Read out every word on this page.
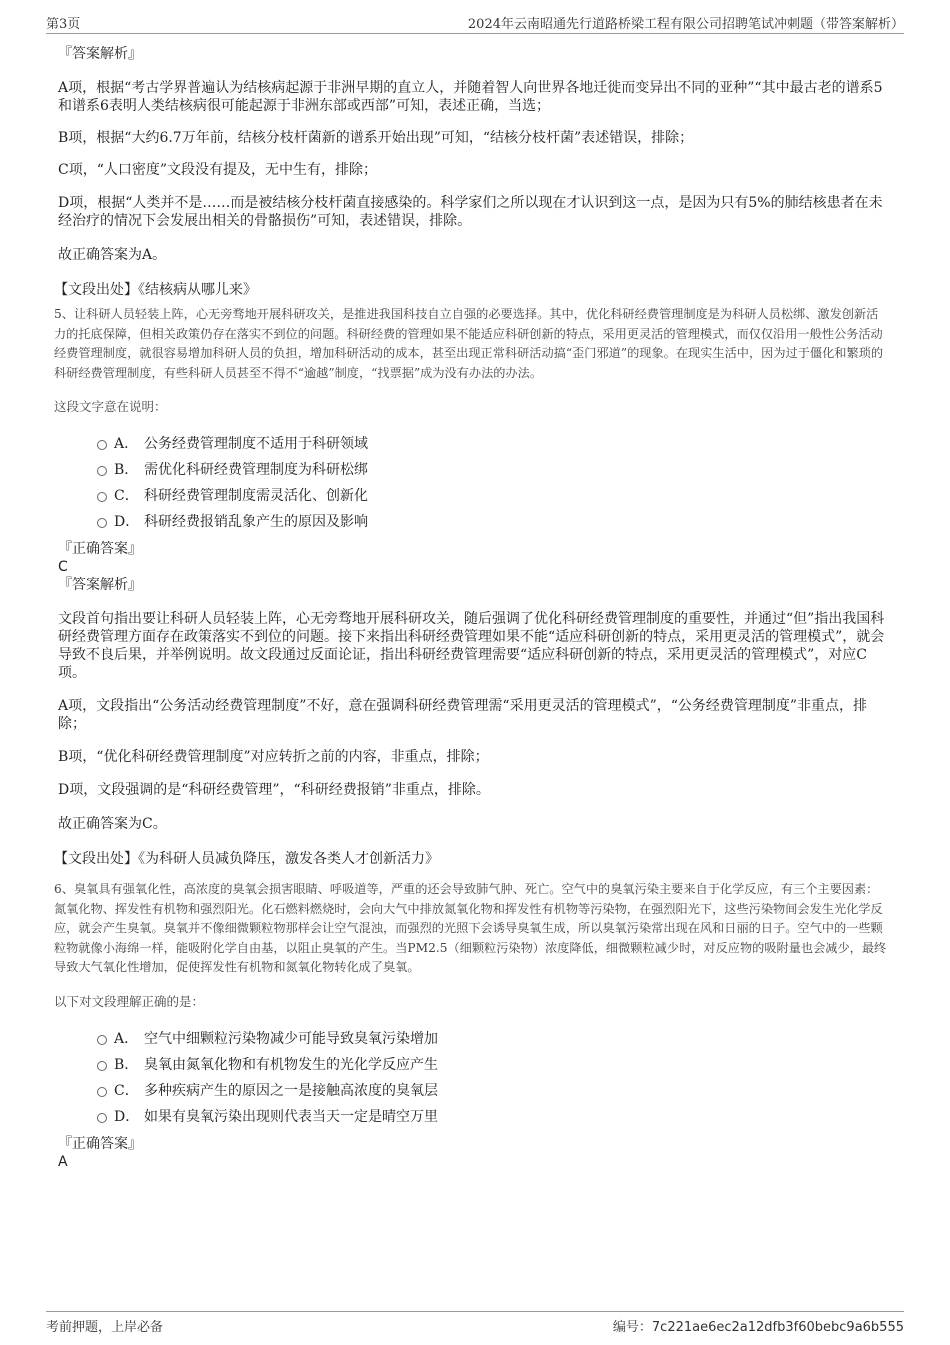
第3页	2024年云南昭通先行道路桥梁工程有限公司招聘笔试冲刺题（带答案解析）

『答案解析』

A项，根据“考古学界普遍认为结核病起源于非洲早期的直立人，并随着智人向世界各地迁徙而变异出不同的亚种”“其中最古老的谱系5和谱系6表明人类结核病很可能起源于非洲东部或西部”可知，表述正确，当选；

B项，根据“大约6.7万年前，结核分枝杆菌新的谱系开始出现”可知，“结核分枝杆菌”表述错误，排除；

C项，“人口密度”文段没有提及，无中生有，排除；

D项，根据“人类并不是……而是被结核分枝杆菌直接感染的。科学家们之所以现在才认识到这一点，是因为只有5%的肺结核患者在未经治疗的情况下会发展出相关的骨骼损伤”可知，表述错误，排除。

故正确答案为A。

【文段出处】《结核病从哪儿来》

5、让科研人员轻装上阵，心无旁骛地开展科研攻关，是推进我国科技自立自强的必要选择。其中，优化科研经费管理制度是为科研人员松绑、激发创新活力的托底保障，但相关政策仍存在落实不到位的问题。科研经费的管理如果不能适应科研创新的特点，采用更灵活的管理模式，而仅仅沿用一般性公务活动经费管理制度，就很容易增加科研人员的负担，增加科研活动的成本，甚至出现正常科研活动搞“歪门邪道”的现象。在现实生活中，因为过于僵化和繁琐的科研经费管理制度，有些科研人员甚至不得不“逾越”制度，“找票据”成为没有办法的办法。

这段文字意在说明：

A． 公务经费管理制度不适用于科研领域
B． 需优化科研经费管理制度为科研松绑
C． 科研经费管理制度需灵活化、创新化
D． 科研经费报销乱象产生的原因及影响

『正确答案』

C

『答案解析』

文段首句指出要让科研人员轻装上阵，心无旁骛地开展科研攻关，随后强调了优化科研经费管理制度的重要性，并通过“但”指出我国科研经费管理方面存在政策落实不到位的问题。接下来指出科研经费管理如果不能“适应科研创新的特点，采用更灵活的管理模式”，就会导致不良后果，并举例说明。故文段通过反面论证，指出科研经费管理需要“适应科研创新的特点，采用更灵活的管理模式”，对应C项。

A项，文段指出“公务活动经费管理制度”不好，意在强调科研经费管理需“采用更灵活的管理模式”，“公务经费管理制度”非重点，排除；

B项，“优化科研经费管理制度”对应转折之前的内容，非重点，排除；

D项，文段强调的是“科研经费管理”，“科研经费报销”非重点，排除。

故正确答案为C。

【文段出处】《为科研人员减负降压，激发各类人才创新活力》

6、臭氧具有强氧化性，高浓度的臭氧会损害眼睛、呼吸道等，严重的还会导致肺气肿、死亡。空气中的臭氧污染主要来自于化学反应，有三个主要因素：氮氧化物、挥发性有机物和强烈阳光。化石燃料燃烧时，会向大气中排放氮氧化物和挥发性有机物等污染物，在强烈阳光下，这些污染物间会发生光化学反应，就会产生臭氧。臭氧并不像细微颗粒物那样会让空气混浊，而强烈的光照下会诱导臭氧生成，所以臭氧污染常出现在风和日丽的日子。空气中的一些颗粒物就像小海绵一样，能吸附化学自由基，以阻止臭氧的产生。当PM2.5（细颗粒污染物）浓度降低，细微颗粒减少时，对反应物的吸附量也会减少，最终导致大气氧化性增加，促使挥发性有机物和氮氧化物转化成了臭氧。

以下对文段理解正确的是：

A． 空气中细颗粒污染物减少可能导致臭氧污染增加
B． 臭氧由氮氧化物和有机物发生的光化学反应产生
C． 多种疾病产生的原因之一是接触高浓度的臭氧层
D． 如果有臭氧污染出现则代表当天一定是晴空万里

『正确答案』

A

考前押题，上岸必备	编号：7c221ae6ec2a12dfb3f60bebc9a6b555
